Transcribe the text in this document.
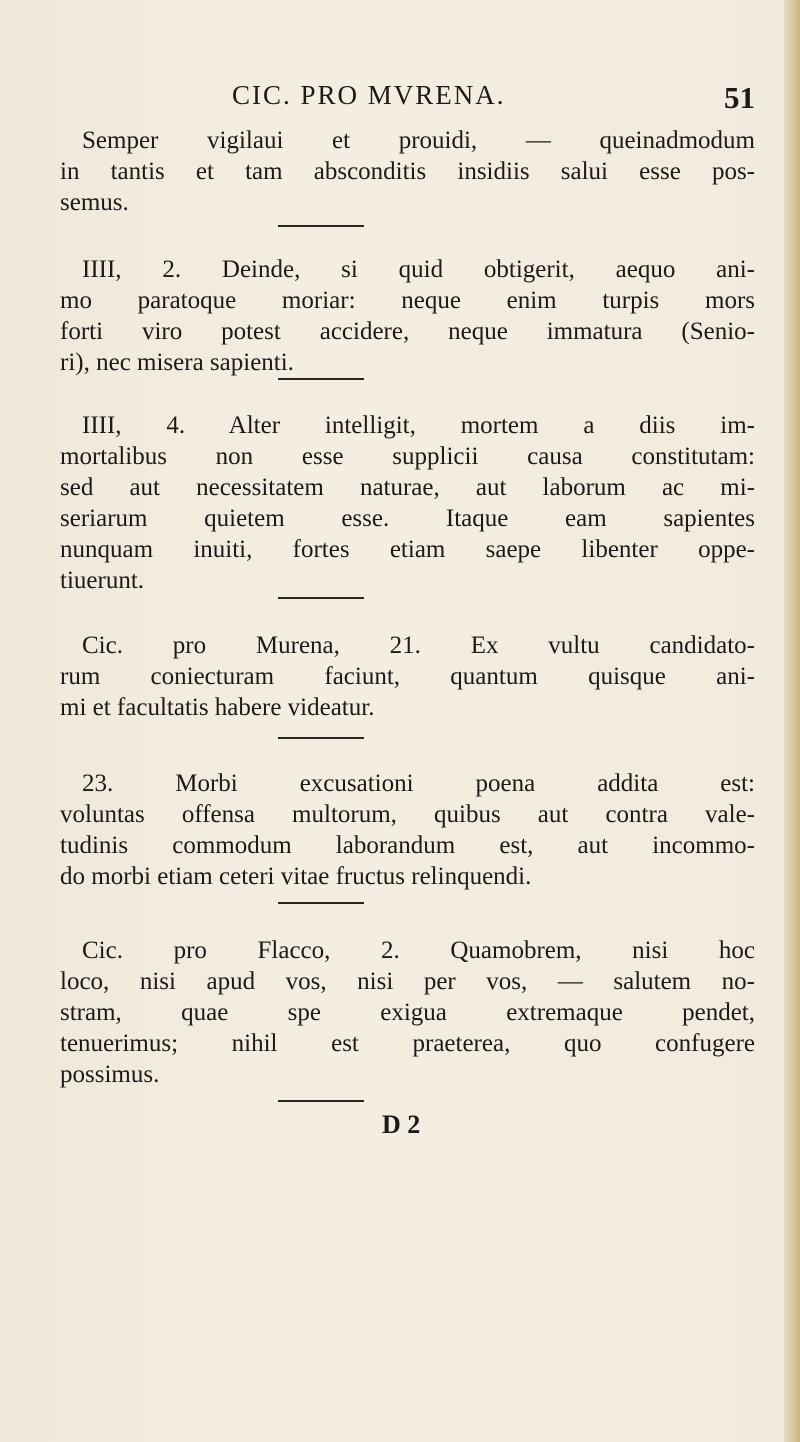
CIC. PRO MVRENA.	51
Semper vigilaui et prouidi, — queinadmodum
in tantis et tam absconditis insidiis salui esse pos-
semus.
IIII, 2. Deinde, si quid obtigerit, aequo ani-
mo paratoque moriar: neque enim turpis mors
forti viro potest accidere, neque immatura (Senio-
ri), nec misera sapienti.
IIII, 4. Alter intelligit, mortem a diis im-
mortalibus non esse supplicii causa constitutam:
sed aut necessitatem naturae, aut laborum ac mi-
seriarum quietem esse. Itaque eam sapientes
nunquam inuiti, fortes etiam saepe libenter oppe-
tiuerunt.
Cic. pro Murena, 21. Ex vultu candidato-
rum coniecturam faciunt, quantum quisque ani-
mi et facultatis habere videatur.
23. Morbi excusationi poena addita est:
voluntas offensa multorum, quibus aut contra vale-
tudinis commodum laborandum est, aut incommo-
do morbi etiam ceteri vitae fructus relinquendi.
Cic. pro Flacco, 2. Quamobrem, nisi hoc
loco, nisi apud vos, nisi per vos, — salutem no-
stram, quae spe exigua extremaque pendet,
tenuerimus; nihil est praeterea, quo confugere
possimus.
D 2
